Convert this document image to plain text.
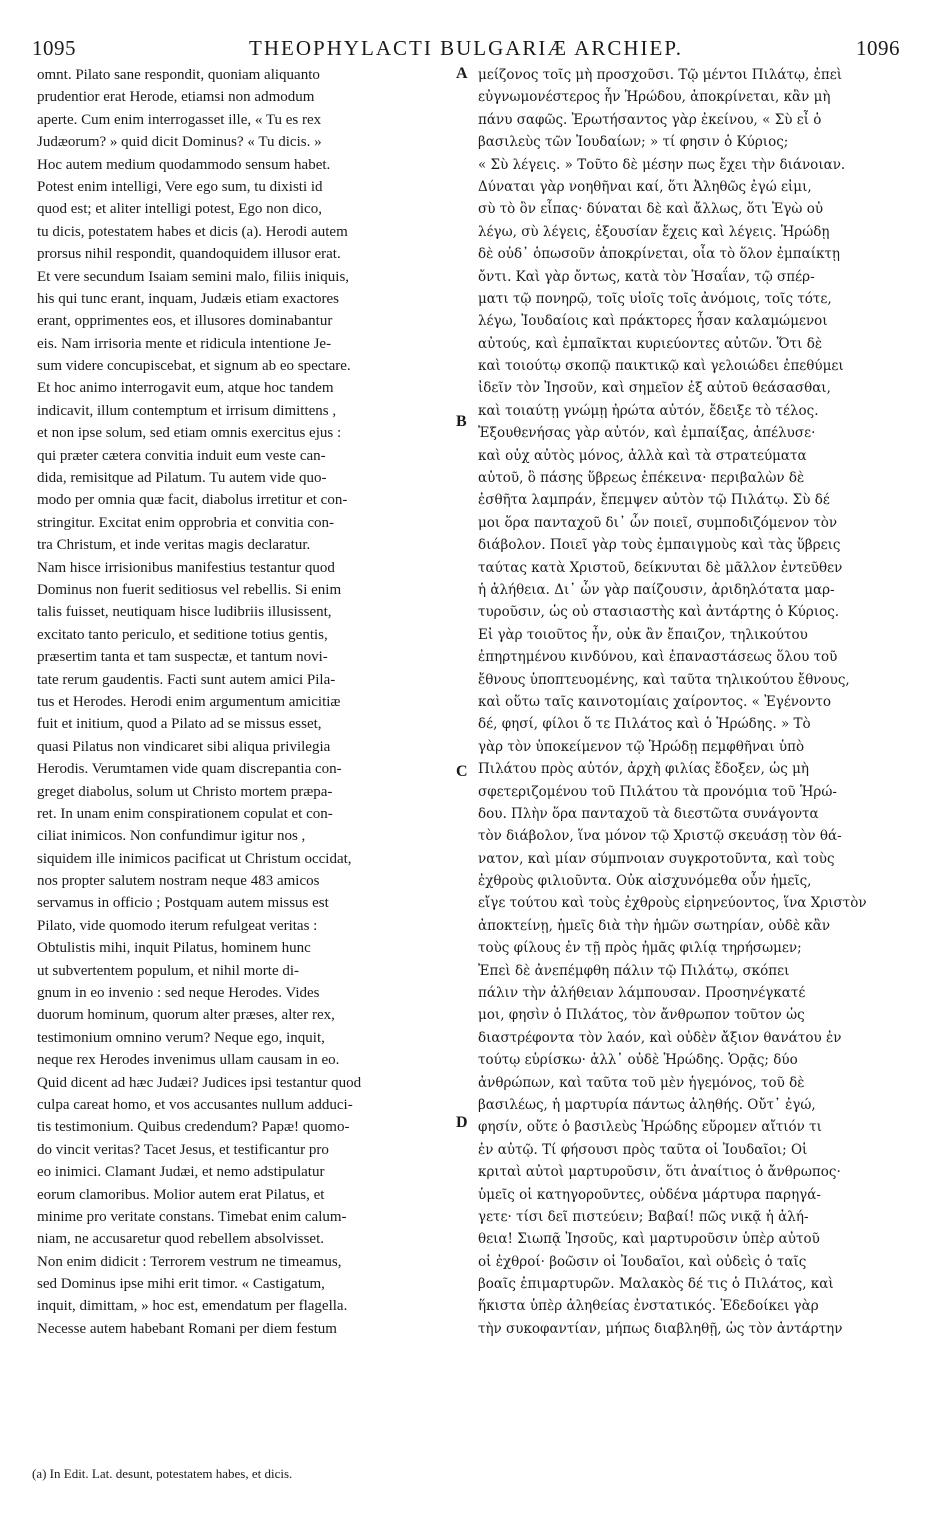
1095	THEOPHYLACTI BULGARIÆ ARCHIEP.	1096
omnt. Pilato sane respondit, quoniam aliquanto
prudentior erat Herode, etiamsi non admodum
aperte. Cum enim interrogasset ille, « Tu es rex
Judæorum? » quid dicit Dominus? « Tu dicis. »
Hoc autem medium quodammodo sensum habet.
Potest enim intelligi, Vere ego sum, tu dixisti id
quod est; et aliter intelligi potest, Ego non dico,
tu dicis, potestatem habes et dicis (a). Herodi autem
prorsus nihil respondit, quandoquidem illusor erat.
Et vere secundum Isaiam semini malo, filiis iniquis,
his qui tunc erant, inquam, Judæis etiam exactores
erant, opprimentes eos, et illusores dominabantur
eis. Nam irrisoria mente et ridicula intentione Je-
sum videre concupiscebat, et signum ab eo spectare.
Et hoc animo interrogavit eum, atque hoc tandem
indicavit, illum contemptum et irrisum dimittens ,
et non ipse solum, sed etiam omnis exercitus ejus :
qui præter cætera convitia induit eum veste can-
dida, remisitque ad Pilatum. Tu autem vide quo-
modo per omnia quæ facit, diabolus irretitur et con-
stringitur. Excitat enim opprobria et convitia con-
tra Christum, et inde veritas magis declaratur.
Nam hisce irrisionibus manifestius testantur quod
Dominus non fuerit seditiosus vel rebellis. Si enim
talis fuisset, neutiquam hisce ludibriis illusissent,
excitato tanto periculo, et seditione totius gentis,
præsertim tanta et tam suspectæ, et tantum novi-
tate rerum gaudentis. Facti sunt autem amici Pila-
tus et Herodes. Herodi enim argumentum amicitiæ
fuit et initium, quod a Pilato ad se missus esset,
quasi Pilatus non vindicaret sibi aliqua privilegia
Herodis. Verumtamen vide quam discrepantia con-
greget diabolus, solum ut Christo mortem præpa-
ret. In unam enim conspirationem copulat et con-
ciliat inimicos. Non confundimur igitur nos ,
siquidem ille inimicos pacificat ut Christum occidat,
nos propter salutem nostram neque 483 amicos
servamus in officio ; Postquam autem missus est
Pilato, vide quomodo iterum refulgeat veritas :
Obtulistis mihi, inquit Pilatus, hominem hunc
ut subvertentem populum, et nihil morte di-
gnum in eo invenio : sed neque Herodes. Vides
duorum hominum, quorum alter præses, alter rex,
testimonium omnino verum? Neque ego, inquit,
neque rex Herodes invenimus ullam causam in eo.
Quid dicent ad hæc Judæi? Judices ipsi testantur quod
culpa careat homo, et vos accusantes nullum adduci-
tis testimonium. Quibus credendum? Papæ! quomo-
do vincit veritas? Tacet Jesus, et testificantur pro
eo inimici. Clamant Judæi, et nemo adstipulatur
eorum clamoribus. Molior autem erat Pilatus, et
minime pro veritate constans. Timebat enim calum-
niam, ne accusaretur quod rebellem absolvisset.
Non enim didicit : Terrorem vestrum ne timeamus,
sed Dominus ipse mihi erit timor. « Castigatum,
inquit, dimittam, » hoc est, emendatum per flagella.
Necesse autem habebant Romani per diem festum
A
B
C
D
μείζονος τοῖς μὴ προσχοῦσι. Τῷ μέντοι Πιλάτῳ, ἐπεὶ
εὐγνωμονέστερος ἦν Ἡρώδου, ἀποκρίνεται, κἂν μὴ
πάνυ σαφῶς. Ἐρωτήσαντος γὰρ ἐκείνου, « Σὺ εἶ ὁ
βασιλεὺς τῶν Ἰουδαίων; » τί φησιν ὁ Κύριος;
« Σὺ λέγεις. » Τοῦτο δὲ μέσην πως ἔχει τὴν διάνοιαν.
Δύναται γὰρ νοηθῆναι καί, ὅτι Ἀληθῶς ἐγώ εἰμι,
σὺ τὸ ὂν εἶπας· δύναται δὲ καὶ ἄλλως, ὅτι Ἐγὼ οὐ
λέγω, σὺ λέγεις, ἐξουσίαν ἔχεις καὶ λέγεις. Ἡρώδῃ
δὲ οὐδ᾽ ὁπωσοῦν ἀποκρίνεται, οἷα τὸ ὅλον ἐμπαίκτῃ
ὄντι. Καὶ γὰρ ὄντως, κατὰ τὸν Ἡσαΐαν, τῷ σπέρ-
ματι τῷ πονηρῷ, τοῖς υἱοῖς τοῖς ἀνόμοις, τοῖς τότε,
λέγω, Ἰουδαίοις καὶ πράκτορες ἦσαν καλαμώμενοι
αὐτούς, καὶ ἐμπαῖκται κυριεύοντες αὐτῶν. Ὅτι δὲ
καὶ τοιούτῳ σκοπῷ παικτικῷ καὶ γελοιώδει ἐπεθύμει
ἰδεῖν τὸν Ἰησοῦν, καὶ σημεῖον ἐξ αὐτοῦ θεάσασθαι,
καὶ τοιαύτῃ γνώμῃ ἠρώτα αὐτόν, ἔδειξε τὸ τέλος.
Ἐξουθενήσας γὰρ αὐτόν, καὶ ἐμπαίξας, ἀπέλυσε·
καὶ οὐχ αὐτὸς μόνος, ἀλλὰ καὶ τὰ στρατεύματα
αὐτοῦ, ὃ πάσης ὕβρεως ἐπέκεινα· περιβαλὼν δὲ
ἐσθῆτα λαμπράν, ἔπεμψεν αὐτὸν τῷ Πιλάτῳ. Σὺ δέ
μοι ὅρα πανταχοῦ δι᾽ ὧν ποιεῖ, συμποδιζόμενον τὸν
διάβολον. Ποιεῖ γὰρ τοὺς ἐμπαιγμοὺς καὶ τὰς ὕβρεις
ταύτας κατὰ Χριστοῦ, δείκνυται δὲ μᾶλλον ἐντεῦθεν
ἡ ἀλήθεια. Δι᾽ ὧν γὰρ παίζουσιν, ἀριδηλότατα μαρ-
τυροῦσιν, ὡς οὐ στασιαστὴς καὶ ἀντάρτης ὁ Κύριος.
Εἰ γὰρ τοιοῦτος ἦν, οὐκ ἂν ἔπαιζον, τηλικούτου
ἐπηρτημένου κινδύνου, καὶ ἐπαναστάσεως ὅλου τοῦ
ἔθνους ὑποπτευομένης, καὶ ταῦτα τηλικούτου ἔθνους,
καὶ οὕτω ταῖς καινοτομίαις χαίροντος. « Ἐγένοντο
δέ, φησί, φίλοι ὅ τε Πιλάτος καὶ ὁ Ἡρώδης. » Τὸ
γὰρ τὸν ὑποκείμενον τῷ Ἡρώδῃ πεμφθῆναι ὑπὸ
Πιλάτου πρὸς αὐτόν, ἀρχὴ φιλίας ἔδοξεν, ὡς μὴ
σφετεριζομένου τοῦ Πιλάτου τὰ προνόμια τοῦ Ἡρώ-
δου. Πλὴν ὅρα πανταχοῦ τὰ διεστῶτα συνάγοντα
τὸν διάβολον, ἵνα μόνον τῷ Χριστῷ σκευάσῃ τὸν θά-
νατον, καὶ μίαν σύμπνοιαν συγκροτοῦντα, καὶ τοὺς
ἐχθροὺς φιλιοῦντα. Οὐκ αἰσχυνόμεθα οὖν ἡμεῖς,
εἴγε τούτου καὶ τοὺς ἐχθροὺς εἰρηνεύοντος, ἵνα Χριστὸν
ἀποκτείνῃ, ἡμεῖς διὰ τὴν ἡμῶν σωτηρίαν, οὐδὲ κἂν
τοὺς φίλους ἐν τῇ πρὸς ἡμᾶς φιλίᾳ τηρήσωμεν;
Ἐπεὶ δὲ ἀνεπέμφθη πάλιν τῷ Πιλάτῳ, σκόπει
πάλιν τὴν ἀλήθειαν λάμπουσαν. Προσηνέγκατέ
μοι, φησὶν ὁ Πιλάτος, τὸν ἄνθρωπον τοῦτον ὡς
διαστρέφοντα τὸν λαόν, καὶ οὐδὲν ἄξιον θανάτου ἐν
τούτῳ εὑρίσκω· ἀλλ᾽ οὐδὲ Ἡρώδης. Ὁρᾷς; δύο
ἀνθρώπων, καὶ ταῦτα τοῦ μὲν ἡγεμόνος, τοῦ δὲ
βασιλέως, ἡ μαρτυρία πάντως ἀληθής. Οὔτ᾽ ἐγώ,
φησίν, οὔτε ὁ βασιλεὺς Ἡρώδης εὕρομεν αἴτιόν τι
ἐν αὐτῷ. Τί φήσουσι πρὸς ταῦτα οἱ Ἰουδαῖοι; Οἱ
κριταὶ αὐτοὶ μαρτυροῦσιν, ὅτι ἀναίτιος ὁ ἄνθρωπος·
ὑμεῖς οἱ κατηγοροῦντες, οὐδένα μάρτυρα παρηγά-
γετε· τίσι δεῖ πιστεύειν; Βαβαί! πῶς νικᾷ ἡ ἀλή-
θεια! Σιωπᾷ Ἰησοῦς, καὶ μαρτυροῦσιν ὑπὲρ αὐτοῦ
οἱ ἐχθροί· βοῶσιν οἱ Ἰουδαῖοι, καὶ οὐδεὶς ὁ ταῖς
βοαῖς ἐπιμαρτυρῶν. Μαλακὸς δέ τις ὁ Πιλάτος, καὶ
ἥκιστα ὑπὲρ ἀληθείας ἐνστατικός. Ἐδεδοίκει γὰρ
τὴν συκοφαντίαν, μήπως διαβληθῇ, ὡς τὸν ἀντάρτην
(a) In Edit. Lat. desunt, potestatem habes, et dicis.
